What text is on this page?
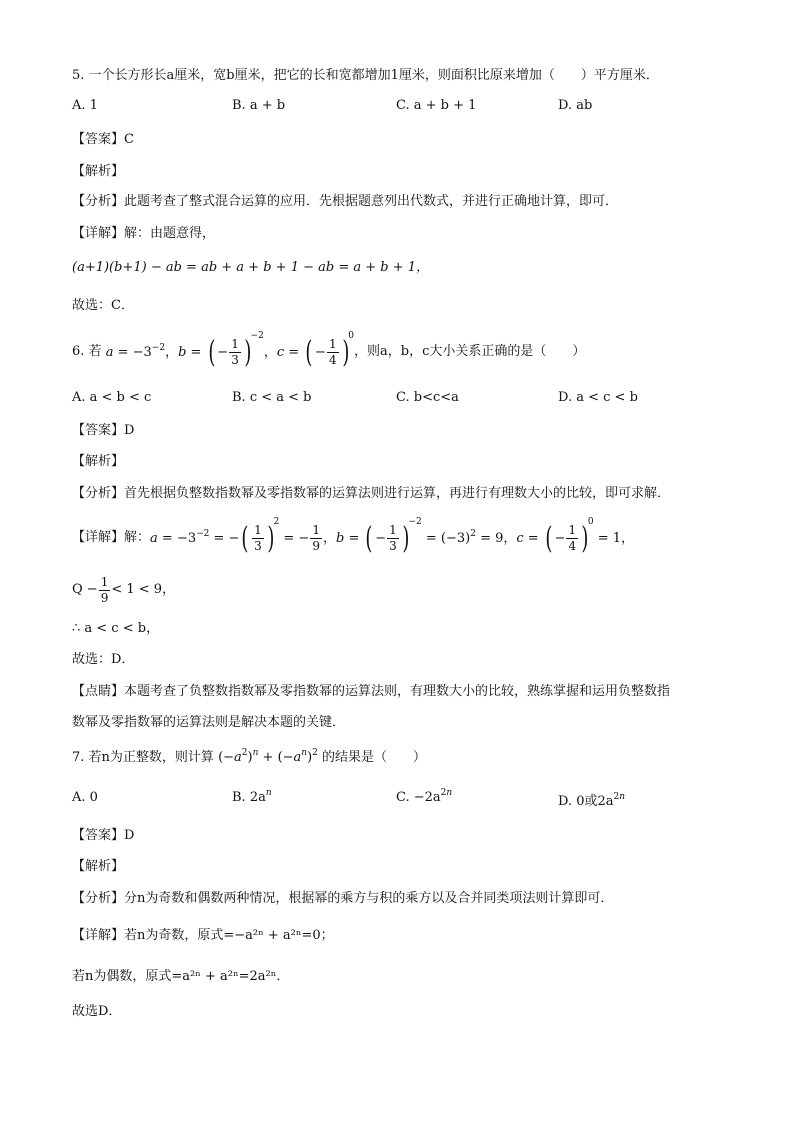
5. 一个长方形长a厘米，宽b厘米，把它的长和宽都增加1厘米，则面积比原来增加（　　）平方厘米．
A. 1	B. a + b	C. a + b + 1	D. ab
【答案】C
【解析】
【分析】此题考查了整式混合运算的应用．先根据题意列出代数式，并进行正确地计算，即可．
【详解】解：由题意得，
(a+1)(b+1) − ab = ab + a + b + 1 − ab = a + b + 1，
故选：C．
6. 若 $a = -3^{-2}$，b = ( − $\frac{1}{3} )-2$，c = ( − $\frac{1}{4} )0$
，则a，b，c大小关系正确的是（　　）
A. a < b < c	B. c < a < b	C. b<c<a	D. a < c < b
【答案】D
【解析】
【分析】首先根据负整数指数幂及零指数幂的运算法则进行运算，再进行有理数大小的比较，即可求解．
【详解】解： $a = -3^{-2}$ = −( $\frac{1}{3} )2$ = − $\frac{1}{9}$ ，b = ( − $\frac{1}{3} )-2 = (-3)^2 = 9$，c = ( − $\frac{1}{4} )0 = 1$，
$Q - \frac{1}{9} < 1 < 9$，
∴ a < c < b，
故选：D．
【点睛】本题考查了负整数指数幂及零指数幂的运算法则，有理数大小的比较，熟练掌握和运用负整数指
数幂及零指数幂的运算法则是解决本题的关键．
7. 若n为正整数，则计算 $(-a^2)^n + (-a^n)^2$ 的结果是（　　）
A. 0	B. $2a^n$	C. $-2a^{2n}$
D. 0或$2a^{2n}$
【答案】D
【解析】
【分析】分n为奇数和偶数两种情况，根据幂的乘方与积的乘方以及合并同类项法则计算即可．
【详解】若n为奇数，原式=−a²ⁿ + a²ⁿ=0；
若n为偶数，原式=a²ⁿ + a²ⁿ=2a²ⁿ．
故选D．
